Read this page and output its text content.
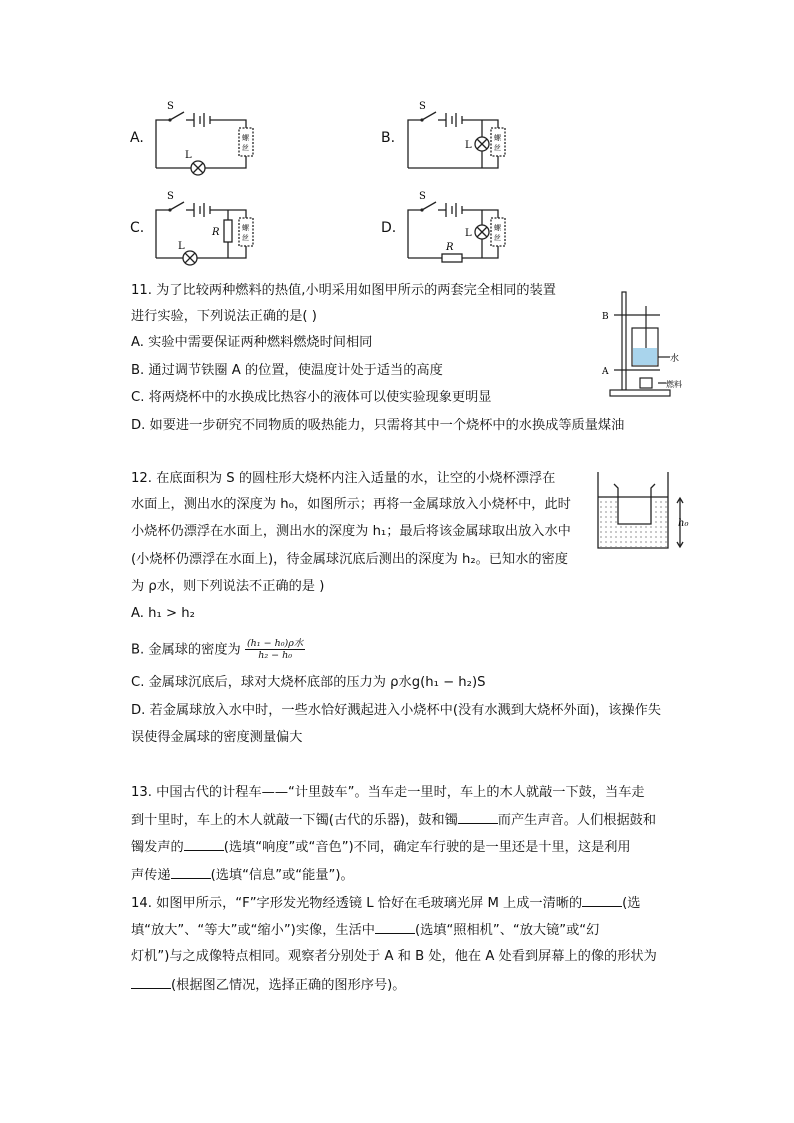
A.
S
L
螺
丝
B.
S
L
螺
丝
C.
S
L
R	螺
丝
D.
S
L
R
螺
丝
11. 为了比较两种燃料的热值,小明采用如图甲所示的两套完全相同的装置
进行实验，下列说法正确的是( )
A. 实验中需要保证两种燃料燃烧时间相同
B. 通过调节铁圈 A 的位置，使温度计处于适当的高度
C. 将两烧杯中的水换成比热容小的液体可以使实验现象更明显
D. 如要进一步研究不同物质的吸热能力，只需将其中一个烧杯中的水换成等质量煤油
B
A
水
燃料
12. 在底面积为 S 的圆柱形大烧杯内注入适量的水，让空的小烧杯漂浮在
水面上，测出水的深度为 h₀，如图所示；再将一金属球放入小烧杯中，此时
小烧杯仍漂浮在水面上，测出水的深度为 h₁；最后将该金属球取出放入水中
(小烧杯仍漂浮在水面上)，待金属球沉底后测出的深度为 h₂。已知水的密度
为 ρ水，则下列说法不正确的是 )
A. h₁ > h₂
B. 金属球的密度为 $\frac{\text{(h₁ − h₀)ρ水}}{\text{h₂ − h₀}}$
C. 金属球沉底后，球对大烧杯底部的压力为 ρ水g(h₁ − h₂)S
D. 若金属球放入水中时，一些水恰好溅起进入小烧杯中(没有水溅到大烧杯外面)，该操作失
误使得金属球的密度测量偏大
h₀
13. 中国古代的计程车——“计里鼓车”。当车走一里时，车上的木人就敲一下鼓，当车走
到十里时，车上的木人就敲一下镯(古代的乐器)，鼓和镯	而产生声音。人们根据鼓和
镯发声的	(选填“响度”或“音色”)不同，确定车行驶的是一里还是十里，这是利用
声传递	(选填“信息”或“能量”)。
14. 如图甲所示，“F”字形发光物经透镜 L 恰好在毛玻璃光屏 M 上成一清晰的	(选
填“放大”、“等大”或“缩小”)实像，生活中	(选填“照相机”、“放大镜”或“幻
灯机”)与之成像特点相同。观察者分别处于 A 和 B 处，他在 A 处看到屏幕上的像的形状为
(根据图乙情况，选择正确的图形序号)。
